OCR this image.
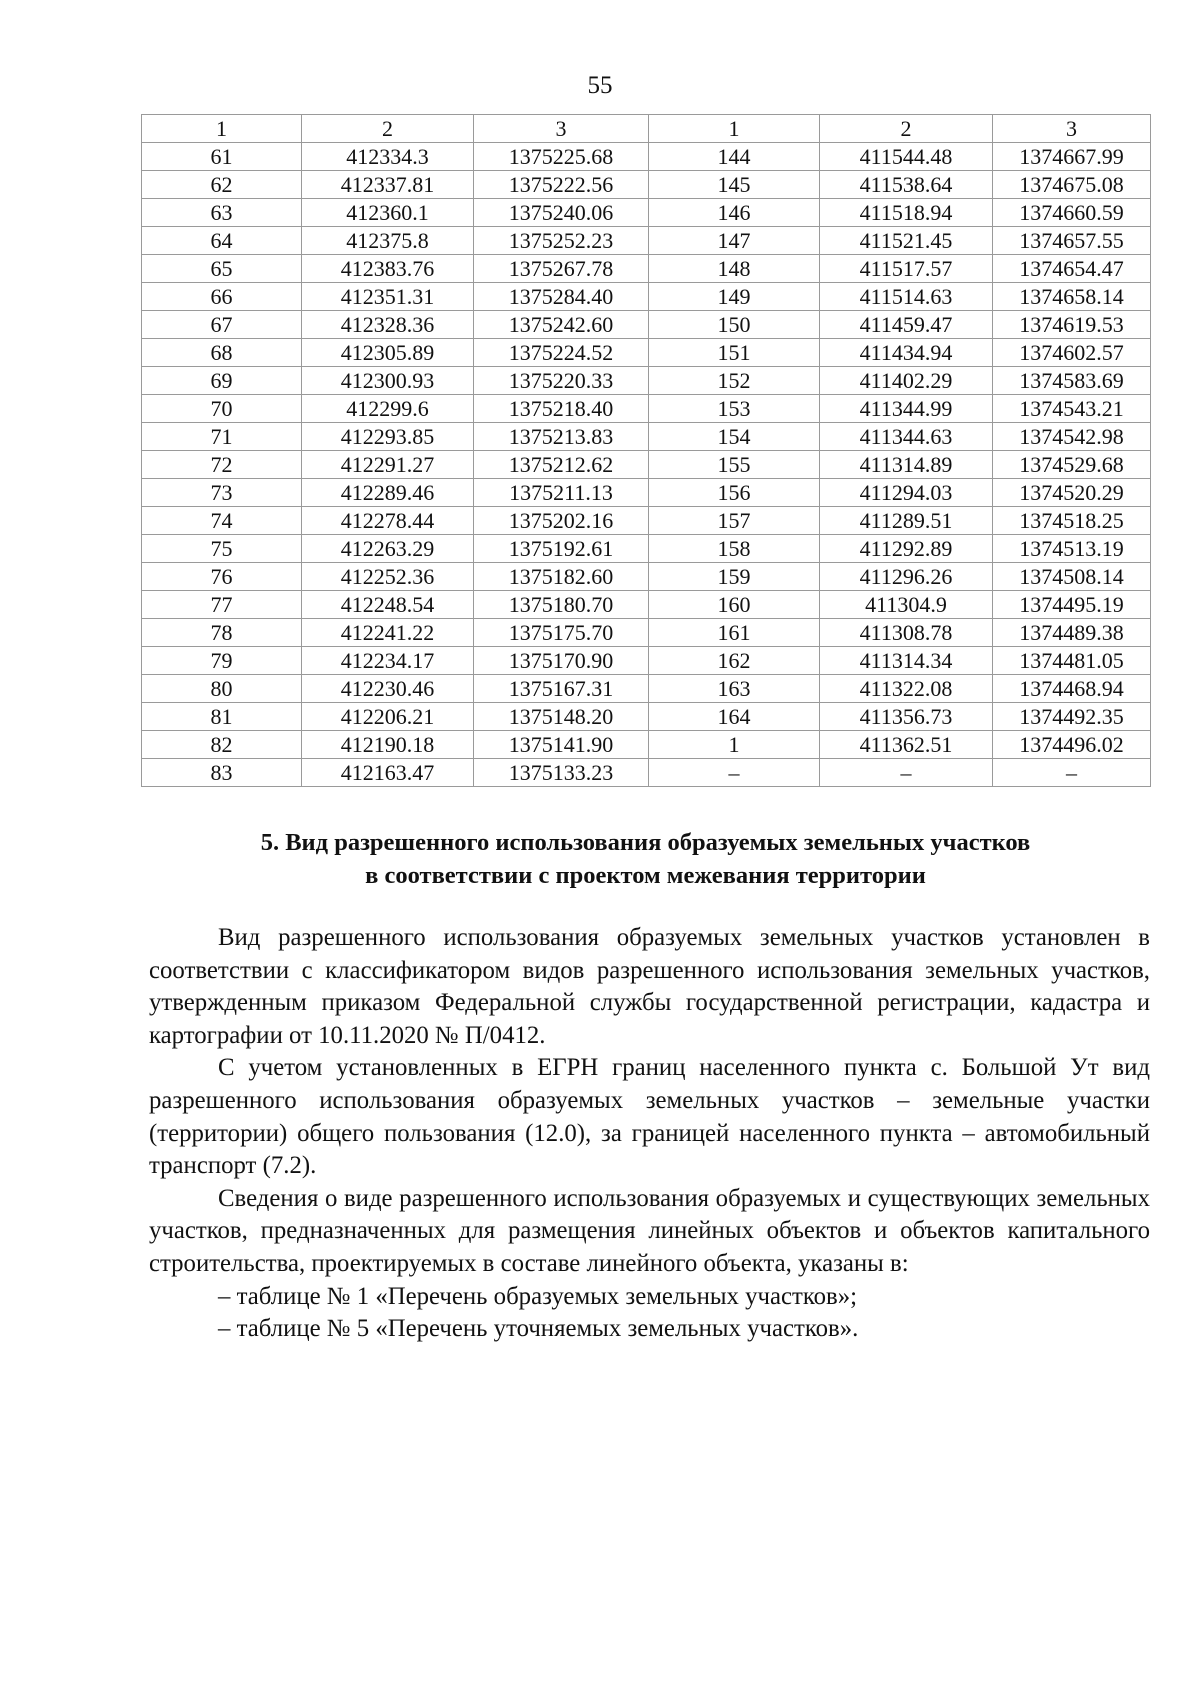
55
1	2	3	1	2	3
61	412334.3	1375225.68	144	411544.48	1374667.99
62	412337.81	1375222.56	145	411538.64	1374675.08
63	412360.1	1375240.06	146	411518.94	1374660.59
64	412375.8	1375252.23	147	411521.45	1374657.55
65	412383.76	1375267.78	148	411517.57	1374654.47
66	412351.31	1375284.40	149	411514.63	1374658.14
67	412328.36	1375242.60	150	411459.47	1374619.53
68	412305.89	1375224.52	151	411434.94	1374602.57
69	412300.93	1375220.33	152	411402.29	1374583.69
70	412299.6	1375218.40	153	411344.99	1374543.21
71	412293.85	1375213.83	154	411344.63	1374542.98
72	412291.27	1375212.62	155	411314.89	1374529.68
73	412289.46	1375211.13	156	411294.03	1374520.29
74	412278.44	1375202.16	157	411289.51	1374518.25
75	412263.29	1375192.61	158	411292.89	1374513.19
76	412252.36	1375182.60	159	411296.26	1374508.14
77	412248.54	1375180.70	160	411304.9	1374495.19
78	412241.22	1375175.70	161	411308.78	1374489.38
79	412234.17	1375170.90	162	411314.34	1374481.05
80	412230.46	1375167.31	163	411322.08	1374468.94
81	412206.21	1375148.20	164	411356.73	1374492.35
82	412190.18	1375141.90	1	411362.51	1374496.02
83	412163.47	1375133.23	–	–	–
5. Вид разрешенного использования образуемых земельных участков
в соответствии с проектом межевания территории

Вид разрешенного использования образуемых земельных участков установлен в соответствии с классификатором видов разрешенного использования земельных участков, утвержденным приказом Федеральной службы государственной регистрации, кадастра и картографии от 10.11.2020 № П/0412.

С учетом установленных в ЕГРН границ населенного пункта с. Большой Ут вид разрешенного использования образуемых земельных участков – земельные участки (территории) общего пользования (12.0), за границей населенного пункта – автомобильный транспорт (7.2).

Сведения о виде разрешенного использования образуемых и существующих земельных участков, предназначенных для размещения линейных объектов и объектов капитального строительства, проектируемых в составе линейного объекта, указаны в:

– таблице № 1 «Перечень образуемых земельных участков»;

– таблице № 5 «Перечень уточняемых земельных участков».
